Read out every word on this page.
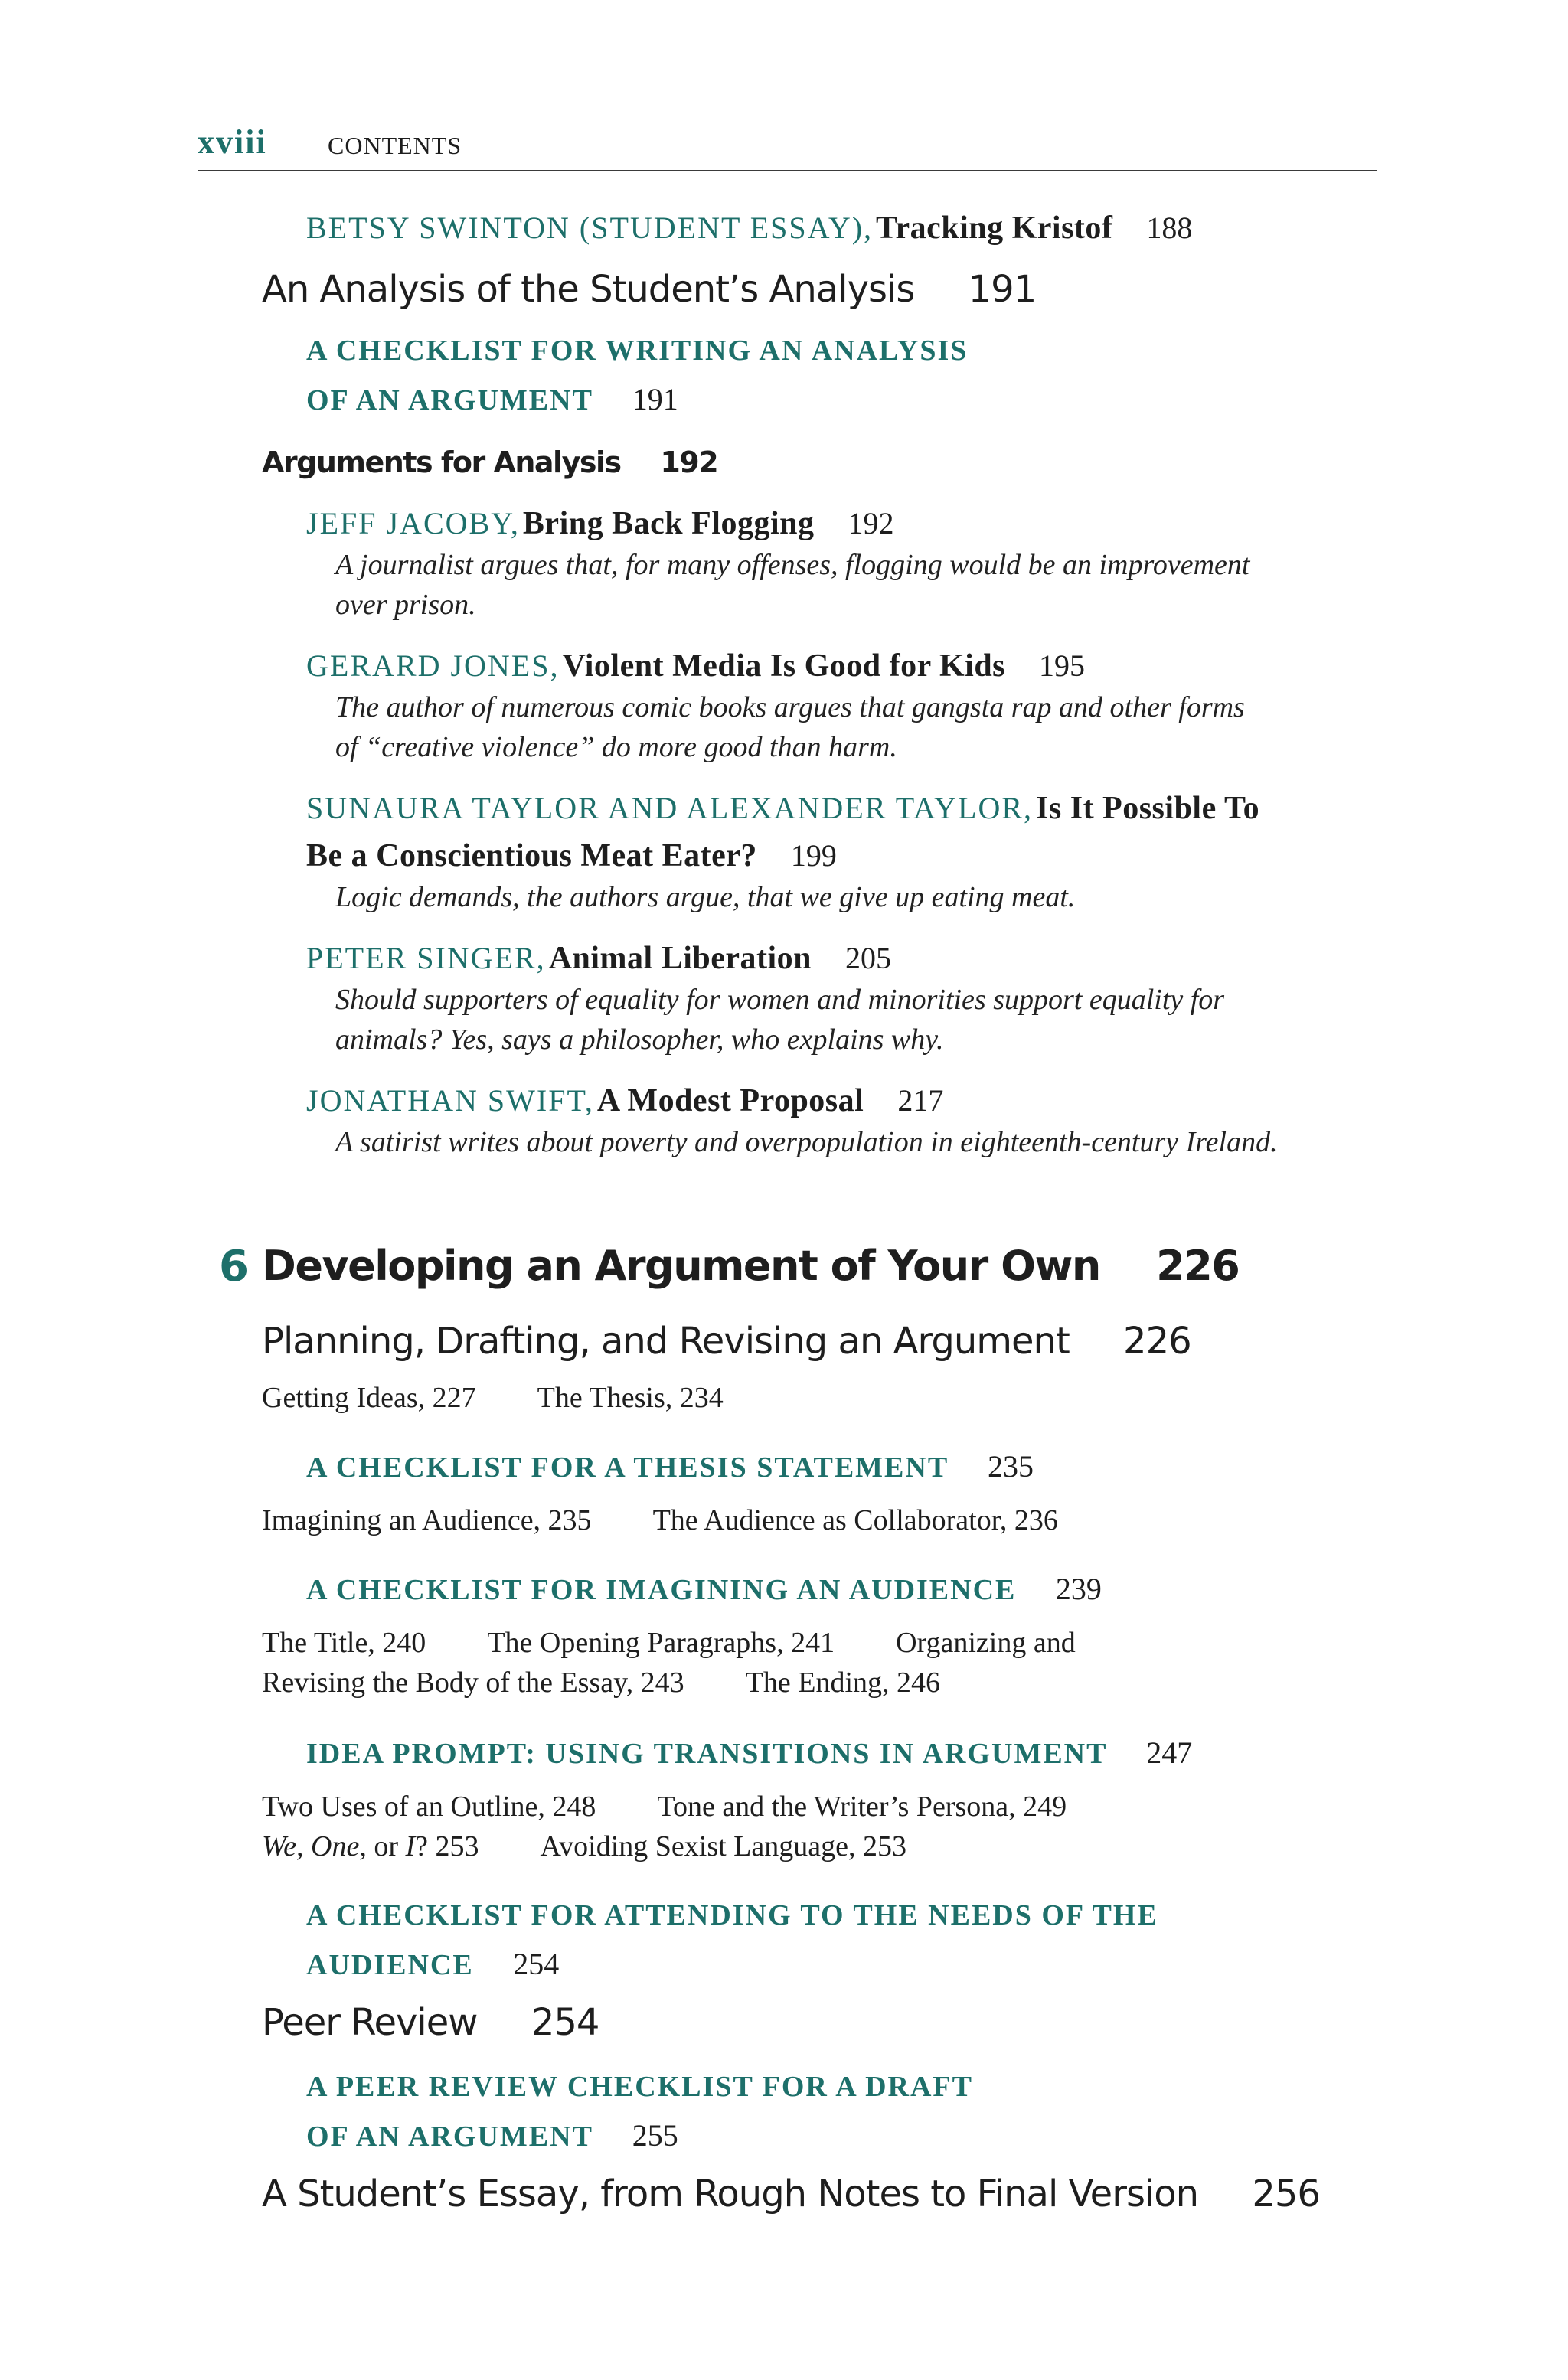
xviii CONTENTS
BETSY SWINTON (STUDENT ESSAY), Tracking Kristof 188
An Analysis of the Student’s Analysis 191
A CHECKLIST FOR WRITING AN ANALYSIS
OF AN ARGUMENT 191
Arguments for Analysis 192
JEFF JACOBY, Bring Back Flogging 192
A journalist argues that, for many offenses, flogging would be an improvement
over prison.
GERARD JONES, Violent Media Is Good for Kids 195
The author of numerous comic books argues that gangsta rap and other forms
of “creative violence” do more good than harm.
SUNAURA TAYLOR AND ALEXANDER TAYLOR, Is It Possible To
Be a Conscientious Meat Eater? 199
Logic demands, the authors argue, that we give up eating meat.
PETER SINGER, Animal Liberation 205
Should supporters of equality for women and minorities support equality for
animals? Yes, says a philosopher, who explains why.
JONATHAN SWIFT, A Modest Proposal 217
A satirist writes about poverty and overpopulation in eighteenth-century Ireland.
6 Developing an Argument of Your Own 226
Planning, Drafting, and Revising an Argument 226
Getting Ideas, 227 The Thesis, 234
A CHECKLIST FOR A THESIS STATEMENT 235
Imagining an Audience, 235 The Audience as Collaborator, 236
A CHECKLIST FOR IMAGINING AN AUDIENCE 239
The Title, 240 The Opening Paragraphs, 241 Organizing and
Revising the Body of the Essay, 243 The Ending, 246
IDEA PROMPT: USING TRANSITIONS IN ARGUMENT 247
Two Uses of an Outline, 248 Tone and the Writer’s Persona, 249
We, One, or I? 253 Avoiding Sexist Language, 253
A CHECKLIST FOR ATTENDING TO THE NEEDS OF THE
AUDIENCE 254
Peer Review 254
A PEER REVIEW CHECKLIST FOR A DRAFT
OF AN ARGUMENT 255
A Student’s Essay, from Rough Notes to Final Version 256
